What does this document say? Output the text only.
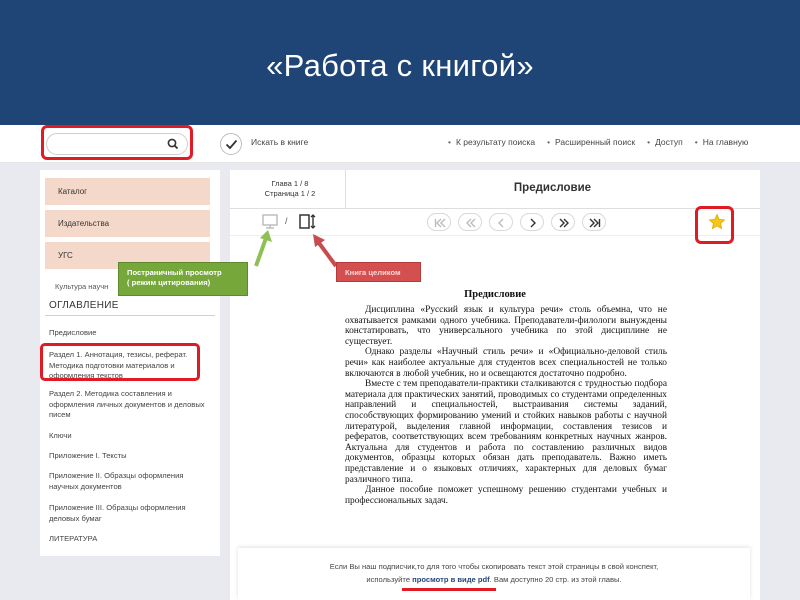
«Работа с книгой»
Искать в книге	• К результату поиска	• Расширенный поиск	• Доступ	• На главную
Каталог
Издательства
УГС
Культура научн
ОГЛАВЛЕНИЕ
Предисловие
Раздел 1. Аннотация, тезисы, реферат. Методика подготовки материалов и оформления текстов
Раздел 2. Методика составления и оформления личных документов и деловых писем
Ключи
Приложение I. Тексты
Приложение II. Образцы оформления научных документов
Приложение III. Образцы оформления деловых бумаг
ЛИТЕРАТУРА
Глава 1 / 8
Страница 1 / 2	Предисловие
/
Постраничный просмотр
( режим цитирования)
Книга целиком
Предисловие

Дисциплина «Русский язык и культура речи» столь объемна, что не охватывается рамками одного учебника. Преподаватели-филологи вынуждены констатировать, что универсального учебника по этой дисциплине не существует.

Однако разделы «Научный стиль речи» и «Официально-деловой стиль речи» как наиболее актуальные для студентов всех специальностей не только включаются в любой учебник, но и освещаются достаточно подробно.

Вместе с тем преподаватели-практики сталкиваются с трудностью подбора материала для практических занятий, проводимых со студентами определенных направлений и специальностей, выстраивания системы заданий, способствующих формированию умений и стойких навыков работы с научной литературой, выделения главной информации, составления тезисов и рефератов, соответствующих всем требованиям конкретных научных жанров. Актуальна для студентов и работа по составлению различных видов документов, образцы которых обязан дать преподаватель. Важно иметь представление и о языковых отличиях, характерных для деловых бумаг различного типа.

Данное пособие поможет успешному решению студентами учебных и профессиональных задач.

Если Вы наш подписчик,то для того чтобы скопировать текст этой страницы в свой конспект,
используйте просмотр в виде pdf. Вам доступно 20 стр. из этой главы.
